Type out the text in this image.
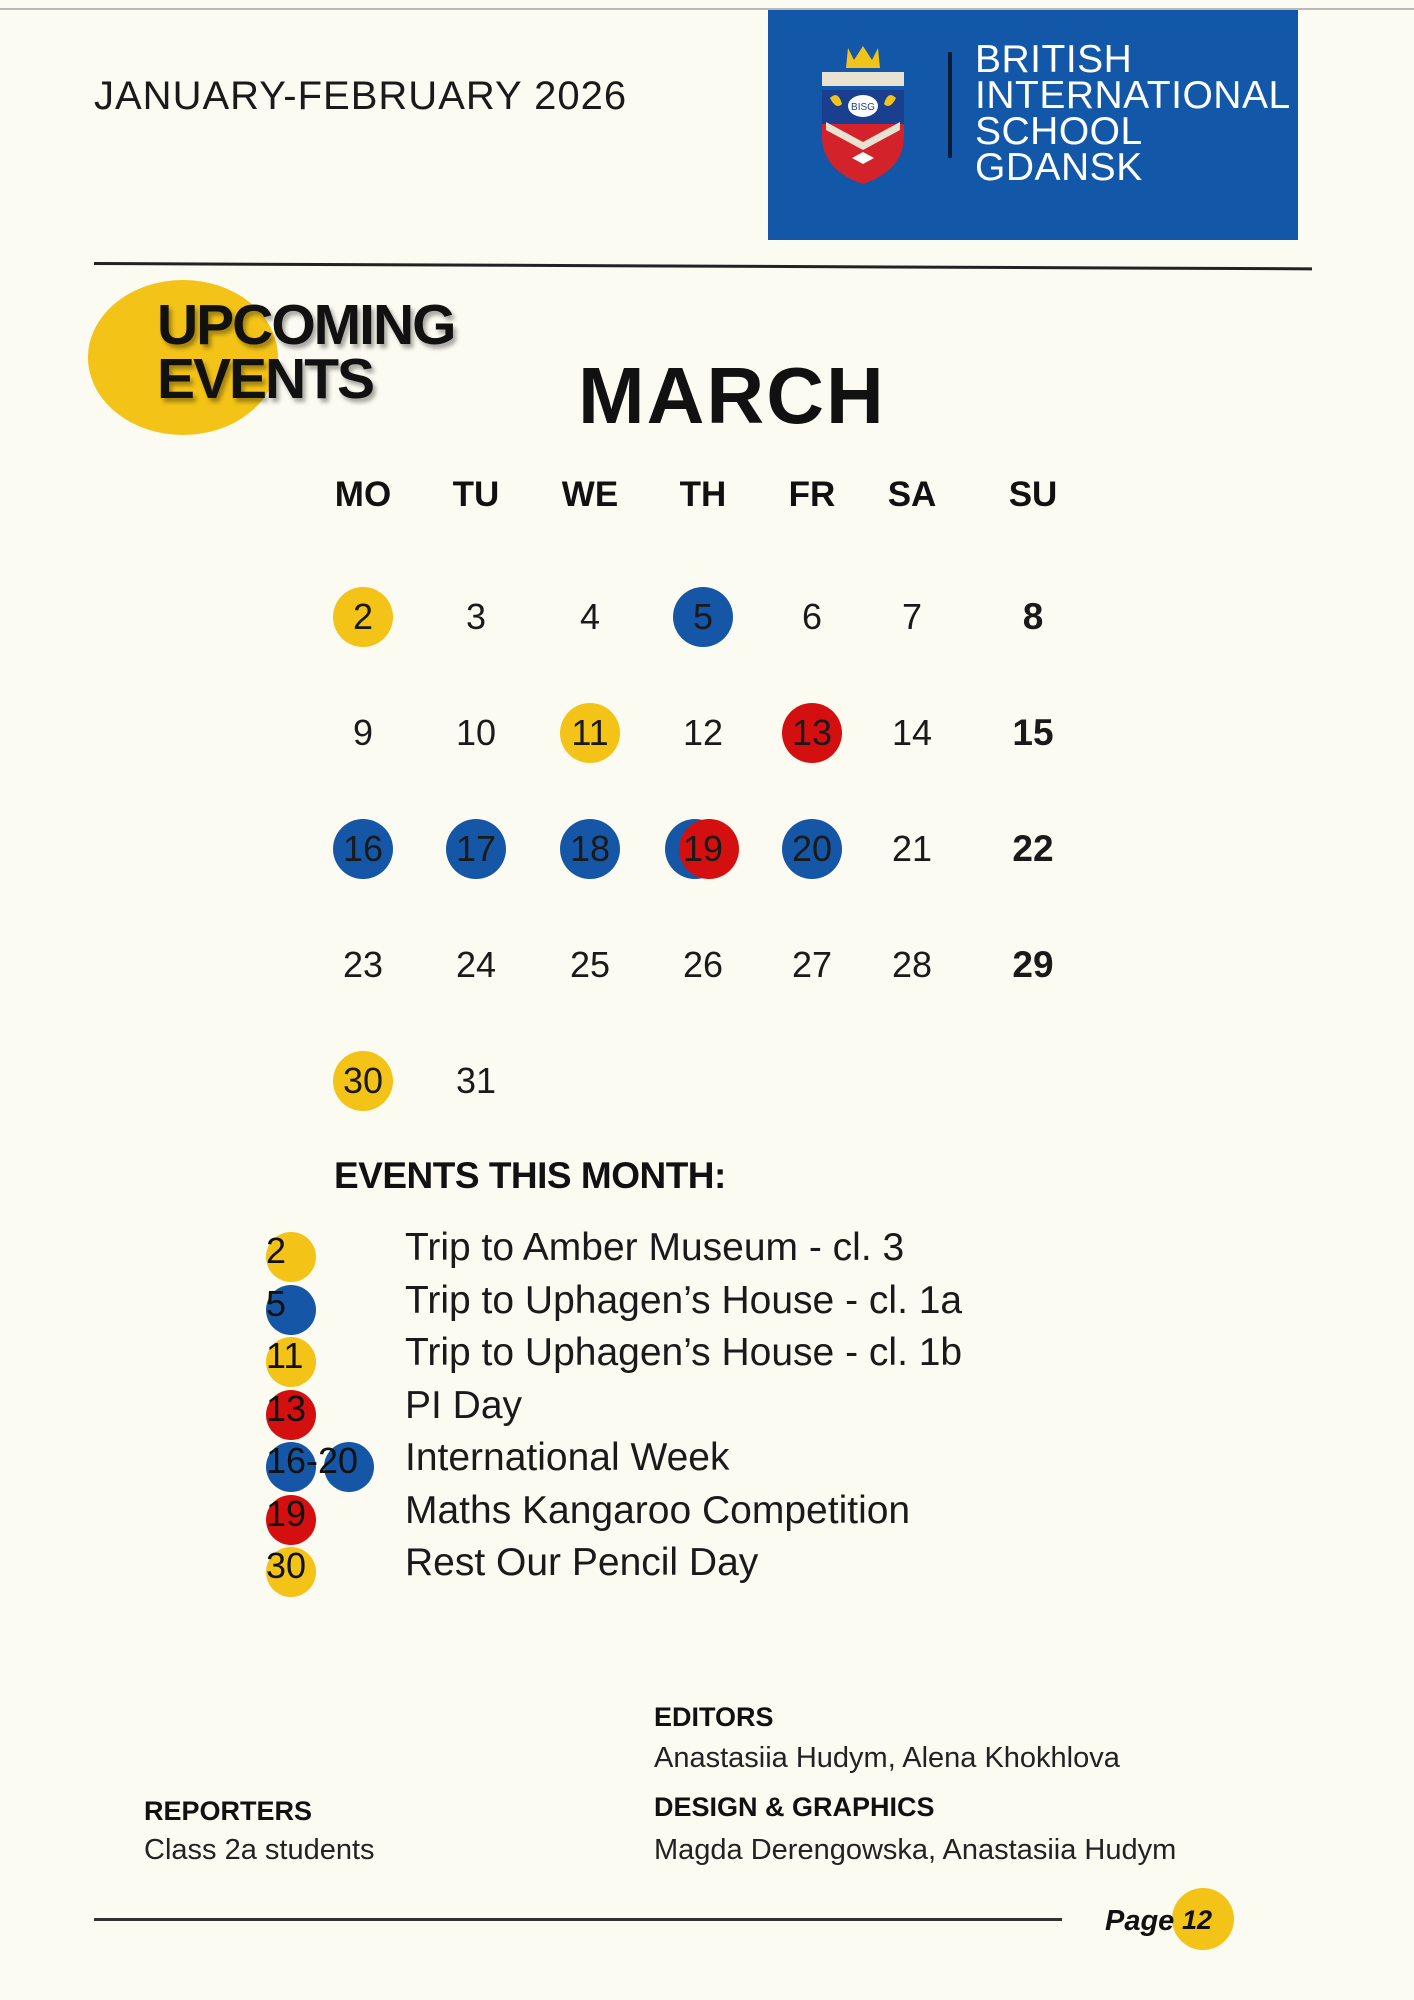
JANUARY-FEBRUARY 2026	BISG
BRITISH
INTERNATIONAL
SCHOOL
GDANSK
UPCOMING
EVENTS	MARCH
MO	TU	WE	TH	FR	SA	SU
2	3	4	5 6 7	8
9 10 11 12 13 14 15
16 17 18 19 20 21 22
23 24 25 26 27 28 29
30 31
EVENTS THIS MONTH:
2	Trip to Amber Museum - cl. 3
5	Trip to Uphagen’s House - cl. 1a
11	Trip to Uphagen’s House - cl. 1b
13	PI Day
16-20 International Week
19	Maths Kangaroo Competition
30	Rest Our Pencil Day
EDITORS
Anastasiia Hudym, Alena Khokhlova
DESIGN & GRAPHICS
Magda Derengowska, Anastasiia Hudym
REPORTERS
Class 2a students
Page 12
